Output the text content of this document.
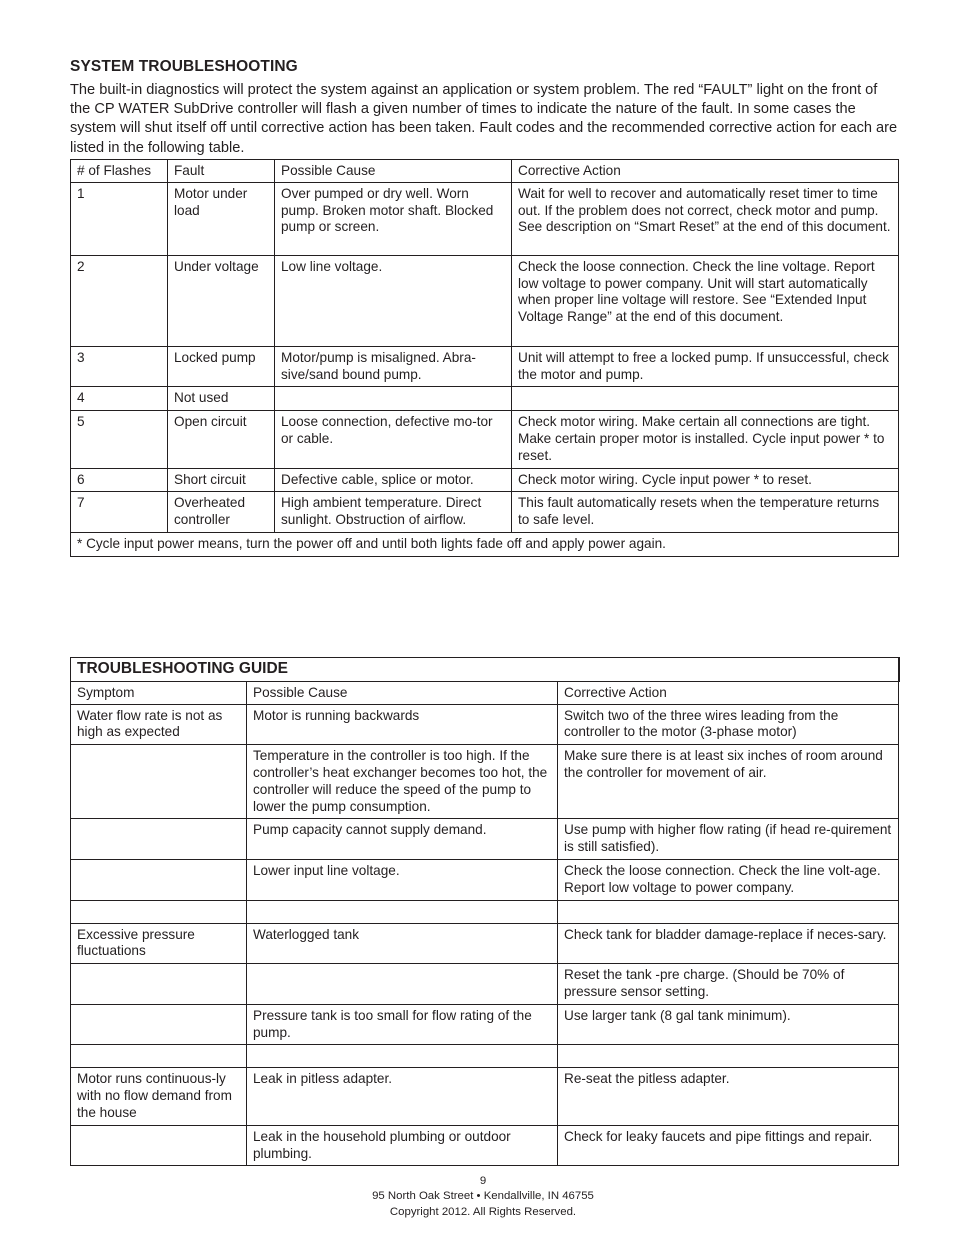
SYSTEM TROUBLESHOOTING
The built-in diagnostics will protect the system against an application or system problem. The red “FAULT” light on the front of the CP WATER SubDrive controller will flash a given number of times to indicate the nature of the fault. In some cases the system will shut itself off until corrective action has been taken. Fault codes and the recommended corrective action for each are listed in the following table.
# of Flashes	Fault	Possible Cause	Corrective Action
1	Motor under load	Over pumped or dry well. Worn pump. Broken motor shaft. Blocked pump or screen.	Wait for well to recover and automatically reset timer to time out. If the problem does not correct, check motor and pump. See description on “Smart Reset” at the end of this document.
2	Under voltage	Low line voltage.	Check the loose connection. Check the line voltage. Report low voltage to power company. Unit will start automatically when proper line voltage will restore. See “Extended Input Voltage Range” at the end of this document.
3	Locked pump	Motor/pump is misaligned. Abra-sive/sand bound pump.	Unit will attempt to free a locked pump. If unsuccessful, check the motor and pump.
4	Not used		
5	Open circuit	Loose connection, defective mo-tor or cable.	Check motor wiring. Make certain all connections are tight. Make certain proper motor is installed. Cycle input power * to reset.
6	Short circuit	Defective cable, splice or motor.	Check motor wiring. Cycle input power * to reset.
7	Overheated controller	High ambient temperature. Direct sunlight. Obstruction of airflow.	This fault automatically resets when the temperature returns to safe level.
* Cycle input power means, turn the power off and until both lights fade off and apply power again.			
TROUBLESHOOTING GUIDE		
Symptom	Possible Cause	Corrective Action
Water flow rate is not as high as expected	Motor is running backwards	Switch two of the three wires leading from the controller to the motor (3-phase motor)
	Temperature in the controller is too high. If the controller’s heat exchanger becomes too hot, the controller will reduce the speed of the pump to lower the pump consumption.	Make sure there is at least six inches of room around the controller for movement of air.
	Pump capacity cannot supply demand.	Use pump with higher flow rating (if head re-quirement is still satisfied).
	Lower input line voltage.	Check the loose connection. Check the line volt-age. Report low voltage to power company.

Excessive pressure fluctuations	Waterlogged tank	Check tank for bladder damage-replace if neces-sary.
		Reset the tank -pre charge. (Should be 70% of pressure sensor setting.
	Pressure tank is too small for flow rating of the pump.	Use larger tank (8 gal tank minimum).

Motor runs continuous-ly with no flow demand from the house	Leak in pitless adapter.	Re-seat the pitless adapter.
	Leak in the household plumbing or outdoor plumbing.	Check for leaky faucets and pipe fittings and repair.
9
95 North Oak Street • Kendallville, IN 46755
Copyright 2012. All Rights Reserved.
